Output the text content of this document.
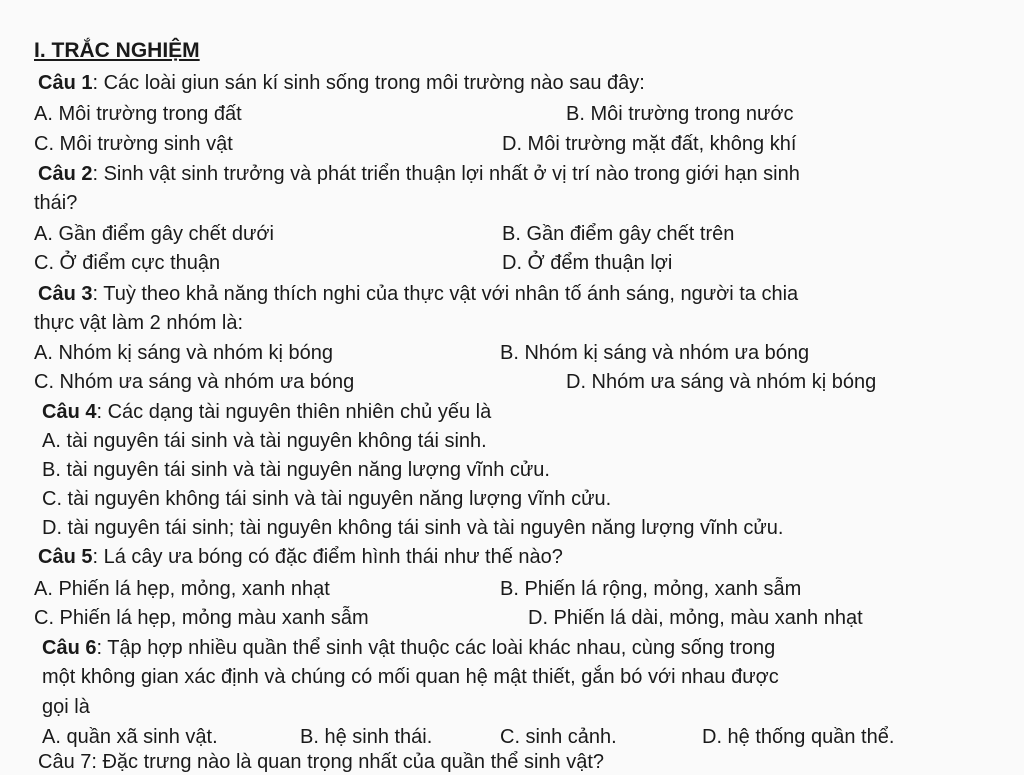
I. TRẮC NGHIỆM
Câu 1: Các loài giun sán kí sinh sống trong môi trường nào sau đây:
A. Môi trường trong đất	B. Môi trường trong nước
C. Môi trường sinh vật	D. Môi trường mặt đất, không khí
Câu 2: Sinh vật sinh trưởng và phát triển thuận lợi nhất ở vị trí nào trong giới hạn sinh
thái?
A. Gần điểm gây chết dưới	B. Gần điểm gây chết trên
C. Ở điểm cực thuận	D. Ở đểm thuận lợi
Câu 3: Tuỳ theo khả năng thích nghi của thực vật với nhân tố ánh sáng, người ta chia
thực vật làm 2 nhóm là:
A. Nhóm kị sáng và nhóm kị bóng	B. Nhóm kị sáng và nhóm ưa bóng
C. Nhóm ưa sáng và nhóm ưa bóng	D. Nhóm ưa sáng và nhóm kị bóng
Câu 4: Các dạng tài nguyên thiên nhiên chủ yếu là
A. tài nguyên tái sinh và tài nguyên không tái sinh.
B. tài nguyên tái sinh và tài nguyên năng lượng vĩnh cửu.
C. tài nguyên không tái sinh và tài nguyên năng lượng vĩnh cửu.
D. tài nguyên tái sinh; tài nguyên không tái sinh và tài nguyên năng lượng vĩnh cửu.
Câu 5: Lá cây ưa bóng có đặc điểm hình thái như thế nào?
A. Phiến lá hẹp, mỏng, xanh nhạt	B. Phiến lá rộng, mỏng, xanh sẫm
C. Phiến lá hẹp, mỏng màu xanh sẫm	D. Phiến lá dài, mỏng, màu xanh nhạt
Câu 6: Tập hợp nhiều quần thể sinh vật thuộc các loài khác nhau, cùng sống trong
một không gian xác định và chúng có mối quan hệ mật thiết, gắn bó với nhau được
gọi là
A. quần xã sinh vật.	B. hệ sinh thái.	C. sinh cảnh.	D. hệ thống quần thể.
Câu 7: Đặc trưng nào là quan trọng nhất của quần thể sinh vật?
